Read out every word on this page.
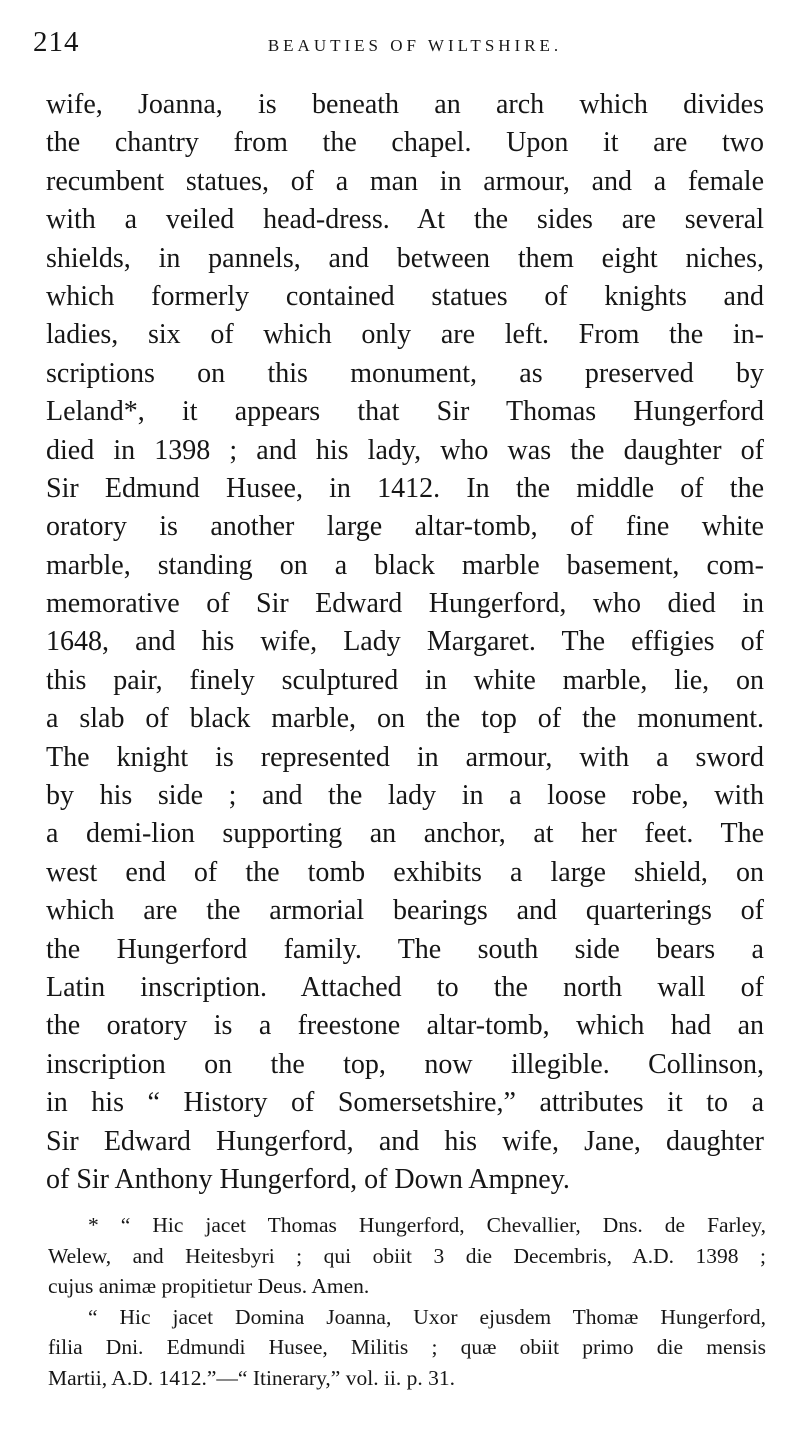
214	BEAUTIES OF WILTSHIRE.
wife, Joanna, is beneath an arch which divides
the chantry from the chapel. Upon it are two
recumbent statues, of a man in armour, and a female
with a veiled head-dress. At the sides are several
shields, in pannels, and between them eight niches,
which formerly contained statues of knights and
ladies, six of which only are left. From the in-
scriptions on this monument, as preserved by
Leland*, it appears that Sir Thomas Hungerford
died in 1398 ; and his lady, who was the daughter of
Sir Edmund Husee, in 1412. In the middle of the
oratory is another large altar-tomb, of fine white
marble, standing on a black marble basement, com-
memorative of Sir Edward Hungerford, who died in
1648, and his wife, Lady Margaret. The effigies of
this pair, finely sculptured in white marble, lie, on
a slab of black marble, on the top of the monument.
The knight is represented in armour, with a sword
by his side ; and the lady in a loose robe, with
a demi-lion supporting an anchor, at her feet. The
west end of the tomb exhibits a large shield, on
which are the armorial bearings and quarterings of
the Hungerford family. The south side bears a
Latin inscription. Attached to the north wall of
the oratory is a freestone altar-tomb, which had an
inscription on the top, now illegible. Collinson,
in his “ History of Somersetshire,” attributes it to a
Sir Edward Hungerford, and his wife, Jane, daughter
of Sir Anthony Hungerford, of Down Ampney.
* “ Hic jacet Thomas Hungerford, Chevallier, Dns. de Farley,
Welew, and Heitesbyri ; qui obiit 3 die Decembris, A.D. 1398 ;
cujus animæ propitietur Deus. Amen.
“ Hic jacet Domina Joanna, Uxor ejusdem Thomæ Hungerford,
filia Dni. Edmundi Husee, Militis ; quæ obiit primo die mensis
Martii, A.D. 1412.”—“ Itinerary,” vol. ii. p. 31.
